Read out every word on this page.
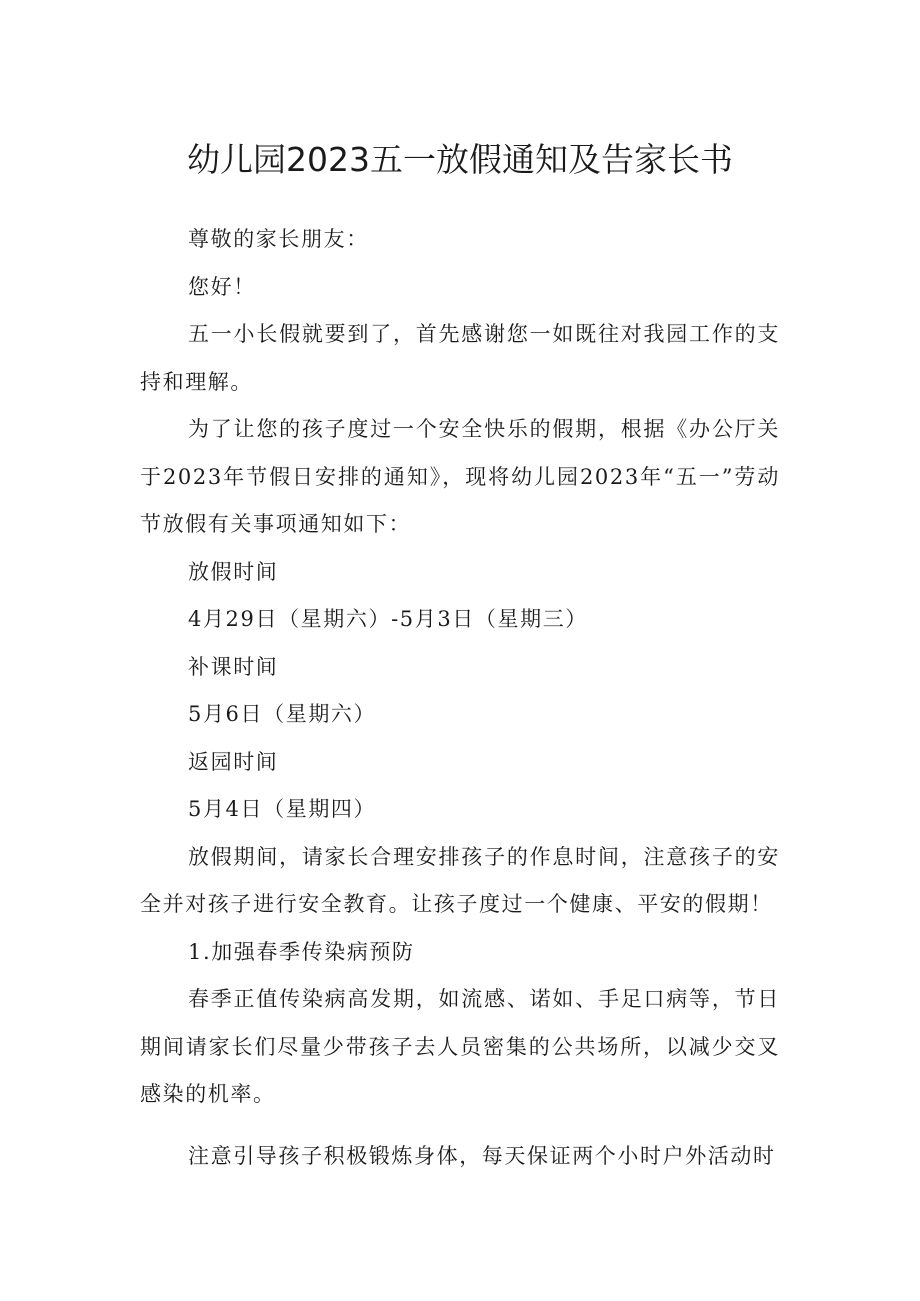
幼儿园2023五一放假通知及告家长书

尊敬的家长朋友：

您好！

五一小长假就要到了，首先感谢您一如既往对我园工作的支持和理解。

为了让您的孩子度过一个安全快乐的假期，根据《办公厅关于2023年节假日安排的通知》，现将幼儿园2023年“五一”劳动节放假有关事项通知如下：

放假时间

4月29日（星期六）-5月3日（星期三）

补课时间

5月6日（星期六）

返园时间

5月4日（星期四）

放假期间，请家长合理安排孩子的作息时间，注意孩子的安全并对孩子进行安全教育。让孩子度过一个健康、平安的假期！

1.加强春季传染病预防

春季正值传染病高发期，如流感、诺如、手足口病等，节日期间请家长们尽量少带孩子去人员密集的公共场所，以减少交叉感染的机率。

注意引导孩子积极锻炼身体，每天保证两个小时户外活动时
